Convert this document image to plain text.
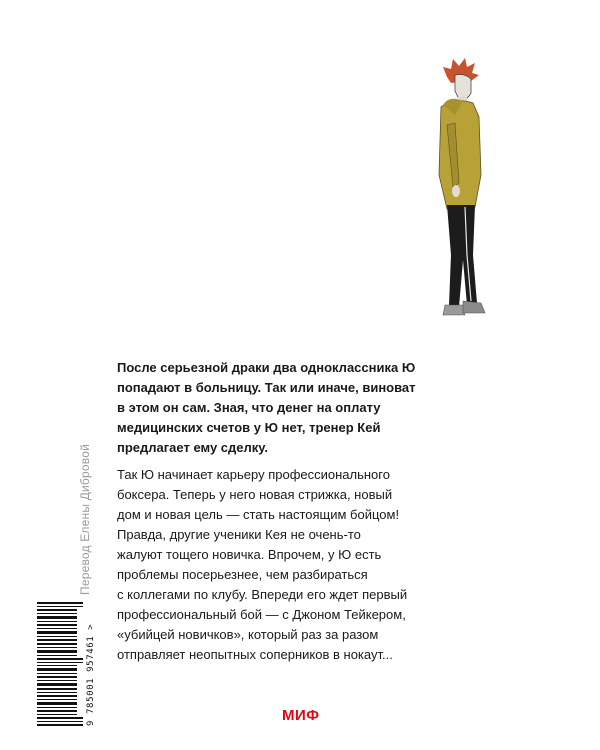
После серьезной драки два одноклассника Ю
попадают в больницу. Так или иначе, виноват
в этом он сам. Зная, что денег на оплату
медицинских счетов у Ю нет, тренер Кей
предлагает ему сделку.

Так Ю начинает карьеру профессионального
боксера. Теперь у него новая стрижка, новый
дом и новая цель — стать настоящим бойцом!
Правда, другие ученики Кея не очень-то
жалуют тощего новичка. Впрочем, у Ю есть
проблемы посерьезнее, чем разбираться
с коллегами по клубу. Впереди его ждет первый
профессиональный бой — с Джоном Тейкером,
«убийцей новичков», который раз за разом
отправляет неопытных соперников в нокаут...

Перевод Елены Дибровой
9 785001 957461 >	МИФ
